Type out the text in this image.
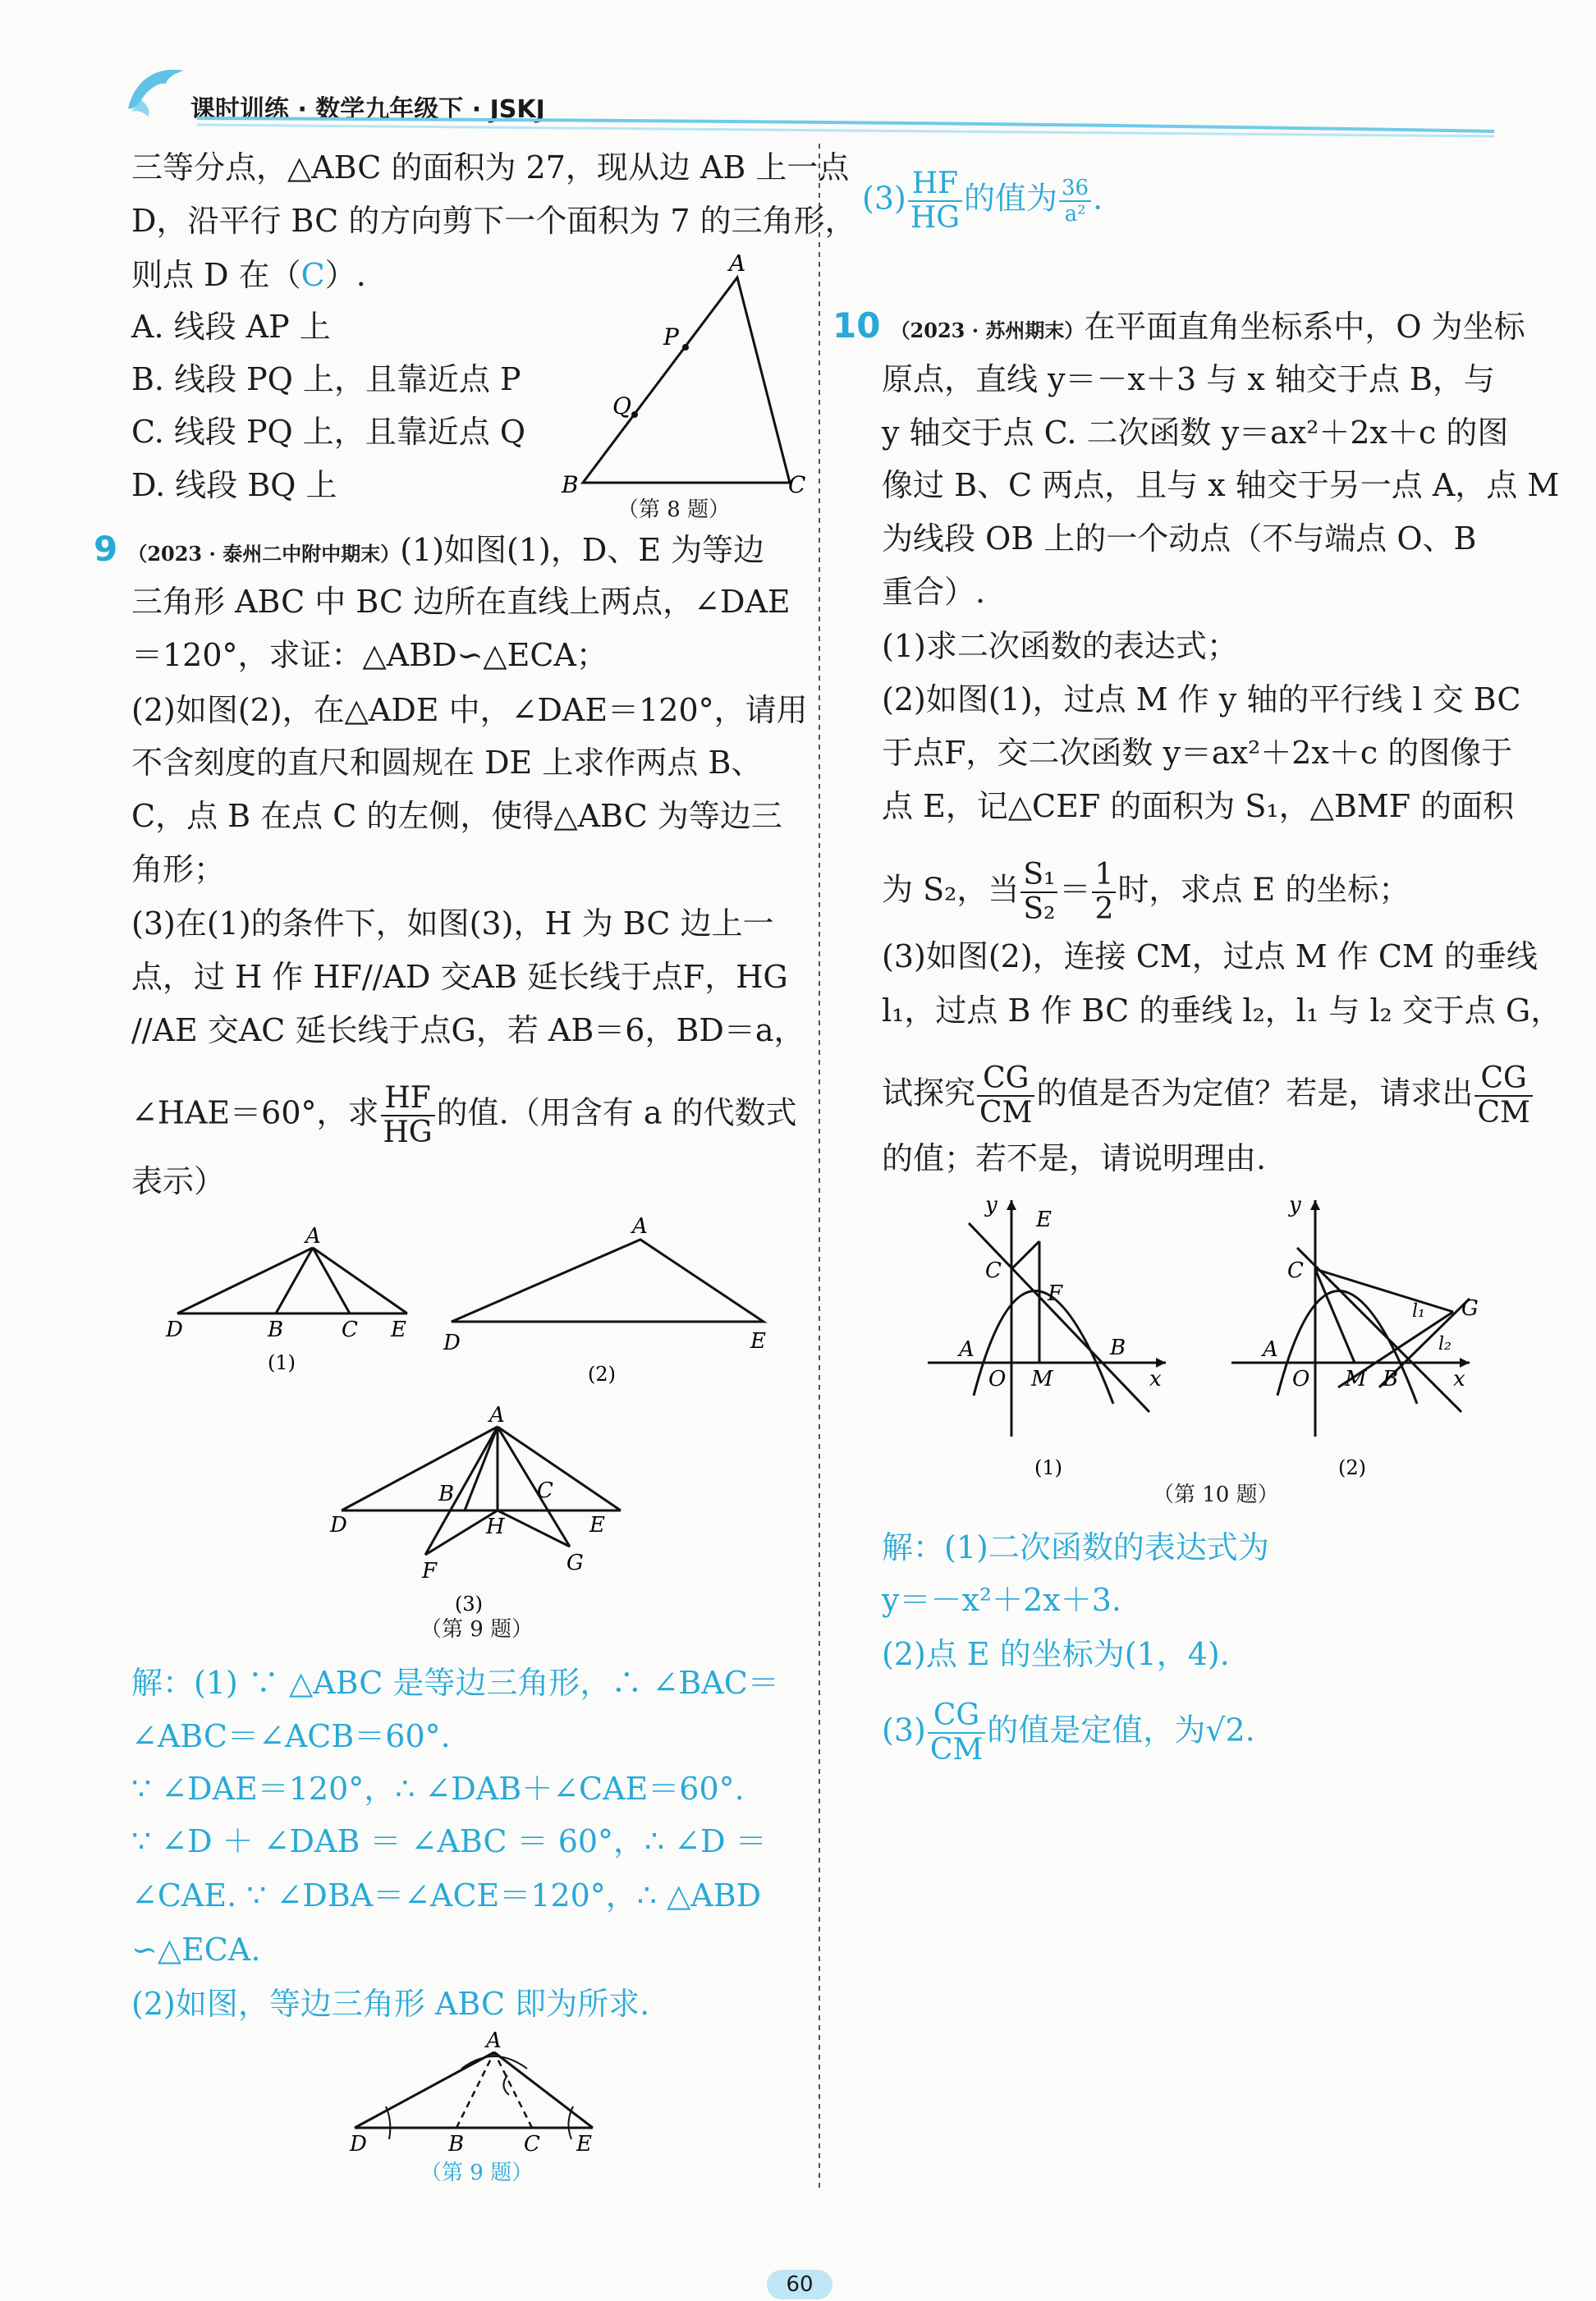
课时训练 · 数学九年级下 · JSKJ
三等分点，△ABC 的面积为 27，现从边 AB 上一点
D，沿平行 BC 的方向剪下一个面积为 7 的三角形，
则点 D 在（C）.
A. 线段 AP 上
B. 线段 PQ 上，且靠近点 P
C. 线段 PQ 上，且靠近点 Q
D. 线段 BQ 上
A
P
Q
B	C
（第 8 题）
9 （2023 · 泰州二中附中期末）(1)如图(1)，D、E 为等边
三角形 ABC 中 BC 边所在直线上两点，∠DAE
＝120°，求证：△ABD∽△ECA；
(2)如图(2)，在△ADE 中，∠DAE＝120°，请用
不含刻度的直尺和圆规在 DE 上求作两点 B、
C，点 B 在点 C 的左侧，使得△ABC 为等边三
角形；
(3)在(1)的条件下，如图(3)，H 为 BC 边上一
点，过 H 作 HF//AD 交AB 延长线于点F，HG
//AE 交AC 延长线于点G，若 AB＝6，BD＝a，
∠HAE＝60°，求 $\frac{HF}{HG}$ 的值.（用含有 a 的代数式
表示）
A
D	B	C E
(1)
A
D	E
(2)
A
B	C
D	E
H
F	G
(3)
（第 9 题）
解：(1) ∵ △ABC 是等边三角形，∴ ∠BAC＝
∠ABC＝∠ACB＝60°.
∵ ∠DAE＝120°，∴ ∠DAB＋∠CAE＝60°.
∵ ∠D ＋ ∠DAB ＝ ∠ABC ＝ 60°，∴ ∠D ＝
∠CAE. ∵ ∠DBA＝∠ACE＝120°，∴ △ABD
∽△ECA.
(2)如图，等边三角形 ABC 即为所求.
A
D	B	C E
（第 9 题）
$(3) \frac{HF}{HG}$ 的值为 $\frac{36}{\text{a²}}$ .
10 （2023 · 苏州期末）在平面直角坐标系中，O 为坐标
原点，直线 y＝－x＋3 与 x 轴交于点 B，与
y 轴交于点 C. 二次函数 y＝ax²＋2x＋c 的图
像过 B、C 两点，且与 x 轴交于另一点 A，点 M
为线段 OB 上的一个动点（不与端点 O、B
重合）.
(1)求二次函数的表达式；
(2)如图(1)，过点 M 作 y 轴的平行线 l 交 BC
于点F，交二次函数 y＝ax²＋2x＋c 的图像于
点 E，记△CEF 的面积为 S₁，△BMF 的面积
为 S₂，当 $\frac{\text{S₁}}{\text{S₂}} = \frac{1}{2}$ 时，求点 E 的坐标；
(3)如图(2)，连接 CM，过点 M 作 CM 的垂线
l₁，过点 B 作 BC 的垂线 l₂，l₁ 与 l₂ 交于点 G，
试探究 $\frac{CG}{CM}$ 的值是否为定值？若是，请求出 $\frac{CG}{CM}$
的值；若不是，请说明理由.
y
E
C
F
A
O M
B
x
(1)
y
C
G
l₁
l₂
A
O M B	x
(2)
（第 10 题）
解：(1)二次函数的表达式为
y＝－x²＋2x＋3.
(2)点 E 的坐标为(1，4).
$(3) \frac{CG}{CM}$ 的值是定值，为√2.
60
